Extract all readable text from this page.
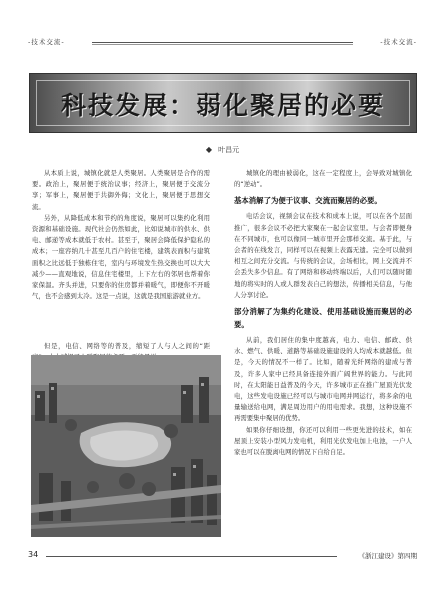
-技术交流-	-技术交流-
科技发展：弱化聚居的必要
◆ 叶昌元

从本质上说，城镇化就是人类聚居。人类聚居是合作的需要。政治上，聚居便于统治议事；经济上，聚居便于交流分享；军事上，聚居便于共御外侮；文化上，聚居便于思想交流。

另外，从降低成本和节约的角度说，聚居可以集约化利用资源和基础设施。现代社会仍然如此，比如说城市的供水、供电、邮递等成本就低于农村。甚至于，聚居会降低保护隐私的成本；一座容纳几十甚至几百户的住宅楼，建筑表面积与建筑面积之比远低于独栋住宅，室内与环境发生热交换也可以大大减少——直观地说，信息住宅楼里，上下左右的邻居也帮着你家保温。齐头并进，只要你的住房都并着暖气，即便你不开暖气，也不会感到太冷。这是一点说，这就是我国旅游就业方。

但是，电信、网络等的普及，缩短了人与人之间的“距

城镇化的理由被弱化，这在一定程度上，会导致对城镇化的“逆动”。

基本消解了为便于议事、交流而聚居的必要。

电话会议，视频会议在技术和成本上说，可以在各个层面推广，很多会议不必把大家聚在一起会议室里。与会者即便身在不同城市，也可以像同一城市里开会那样交流。基于此，与会者的在线发言，同样可以在视频上表露无遗。完全可以做到相互之间充分交流。与传统的会议，会场相比，网上交流并不会丢失多少信息。有了网络和移动终端以后，人们可以随时随地的将实时的人或人群发表自己的想法，传播相关信息，与他人分享讨论。

部分消解了为集约化建设、使用基础设施而聚居的必要。

从前，我们居住的集中度越高，电力、电信、邮政、供水、燃气、供暖、道路等基础设施建设的人均成本就越低。但是，今天的情况不一样了。比如，随着光纤网络的建成与普及，许多人家中已经具备连接外面广阔世界的能力。与此同时，在太阳能日益普及的今天，许多城市正在推广屋顶光伏发电，这些发电设施已经可以与城市电网并网运行，将多余的电量输送给电网，满足周边用户的用电需求。我想，这种设施不再需要集中聚居的优势。

如果你仔细设想，你还可以利用一些更先进的技术，如在屋顶上安装小型风力发电机，利用光伏发电加上电池，一户人家也可以在脱离电网的情况下自给自足。

34	《浙江建设》第四期
